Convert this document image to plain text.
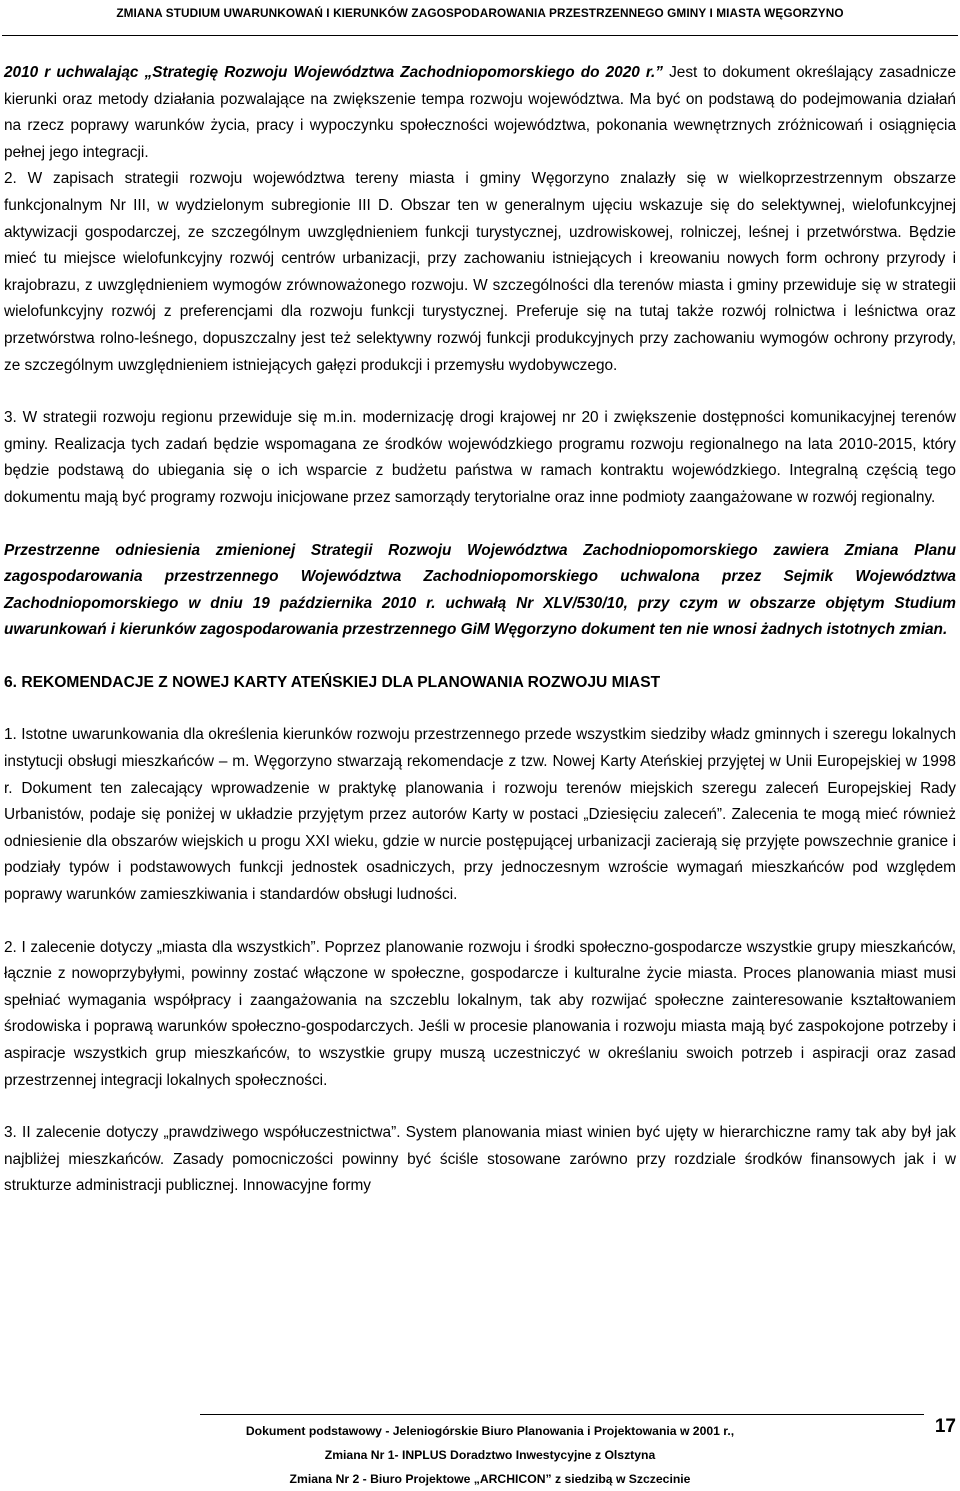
ZMIANA STUDIUM UWARUNKOWAŃ I KIERUNKÓW ZAGOSPODAROWANIA PRZESTRZENNEGO GMINY I MIASTA WĘGORZYNO

2010 r uchwalając „Strategię Rozwoju Województwa Zachodniopomorskiego do 2020 r.” Jest to dokument określający zasadnicze kierunki oraz metody działania pozwalające na zwiększenie tempa rozwoju województwa. Ma być on podstawą do podejmowania działań na rzecz poprawy warunków życia, pracy i wypoczynku społeczności województwa, pokonania wewnętrznych zróżnicowań i osiągnięcia pełnej jego integracji.

2. W zapisach strategii rozwoju województwa tereny miasta i gminy Węgorzyno znalazły się w wielkoprzestrzennym obszarze funkcjonalnym Nr III, w wydzielonym subregionie III D. Obszar ten w generalnym ujęciu wskazuje się do selektywnej, wielofunkcyjnej aktywizacji gospodarczej, ze szczególnym uwzględnieniem funkcji turystycznej, uzdrowiskowej, rolniczej, leśnej i przetwórstwa. Będzie mieć tu miejsce wielofunkcyjny rozwój centrów urbanizacji, przy zachowaniu istniejących i kreowaniu nowych form ochrony przyrody i krajobrazu, z uwzględnieniem wymogów zrównoważonego rozwoju. W szczególności dla terenów miasta i gminy przewiduje się w strategii wielofunkcyjny rozwój z preferencjami dla rozwoju funkcji turystycznej. Preferuje się na tutaj także rozwój rolnictwa i leśnictwa oraz przetwórstwa rolno-leśnego, dopuszczalny jest też selektywny rozwój funkcji produkcyjnych przy zachowaniu wymogów ochrony przyrody, ze szczególnym uwzględnieniem istniejących gałęzi produkcji i przemysłu wydobywczego.

3. W strategii rozwoju regionu przewiduje się m.in. modernizację drogi krajowej nr 20 i zwiększenie dostępności komunikacyjnej terenów gminy. Realizacja tych zadań będzie wspomagana ze środków wojewódzkiego programu rozwoju regionalnego na lata 2010-2015, który będzie podstawą do ubiegania się o ich wsparcie z budżetu państwa w ramach kontraktu wojewódzkiego. Integralną częścią tego dokumentu mają być programy rozwoju inicjowane przez samorządy terytorialne oraz inne podmioty zaangażowane w rozwój regionalny.

Przestrzenne odniesienia zmienionej Strategii Rozwoju Województwa Zachodniopomorskiego zawiera Zmiana Planu zagospodarowania przestrzennego Województwa Zachodniopomorskiego uchwalona przez Sejmik Województwa Zachodniopomorskiego w dniu 19 października 2010 r. uchwałą Nr XLV/530/10, przy czym w obszarze objętym Studium uwarunkowań i kierunków zagospodarowania przestrzennego GiM Węgorzyno dokument ten nie wnosi żadnych istotnych zmian.

6. REKOMENDACJE Z NOWEJ KARTY ATEŃSKIEJ DLA PLANOWANIA ROZWOJU MIAST

1. Istotne uwarunkowania dla określenia kierunków rozwoju przestrzennego przede wszystkim siedziby władz gminnych i szeregu lokalnych instytucji obsługi mieszkańców – m. Węgorzyno stwarzają rekomendacje z tzw. Nowej Karty Ateńskiej przyjętej w Unii Europejskiej w 1998 r. Dokument ten zalecający wprowadzenie w praktykę planowania i rozwoju terenów miejskich szeregu zaleceń Europejskiej Rady Urbanistów, podaje się poniżej w układzie przyjętym przez autorów Karty w postaci „Dziesięciu zaleceń”. Zalecenia te mogą mieć również odniesienie dla obszarów wiejskich u progu XXI wieku, gdzie w nurcie postępującej urbanizacji zacierają się przyjęte powszechnie granice i podziały typów i podstawowych funkcji jednostek osadniczych, przy jednoczesnym wzroście wymagań mieszkańców pod względem poprawy warunków zamieszkiwania i standardów obsługi ludności.

2. I zalecenie dotyczy „miasta dla wszystkich”. Poprzez planowanie rozwoju i środki społeczno-gospodarcze wszystkie grupy mieszkańców, łącznie z nowoprzybyłymi, powinny zostać włączone w społeczne, gospodarcze i kulturalne życie miasta. Proces planowania miast musi spełniać wymagania współpracy i zaangażowania na szczeblu lokalnym, tak aby rozwijać społeczne zainteresowanie kształtowaniem środowiska i poprawą warunków społeczno-gospodarczych. Jeśli w procesie planowania i rozwoju miasta mają być zaspokojone potrzeby i aspiracje wszystkich grup mieszkańców, to wszystkie grupy muszą uczestniczyć w określaniu swoich potrzeb i aspiracji oraz zasad przestrzennej integracji lokalnych społeczności.

3. II zalecenie dotyczy „prawdziwego współuczestnictwa”. System planowania miast winien być ujęty w hierarchiczne ramy tak aby był jak najbliżej mieszkańców. Zasady pomocniczości powinny być ściśle stosowane zarówno przy rozdziale środków finansowych jak i w strukturze administracji publicznej. Innowacyjne formy

Dokument podstawowy - Jeleniogórskie Biuro Planowania i Projektowania w 2001 r.,
Zmiana Nr 1- INPLUS Doradztwo Inwestycyjne z Olsztyna
Zmiana Nr 2 - Biuro Projektowe „ARCHICON” z siedzibą w Szczecinie
17
